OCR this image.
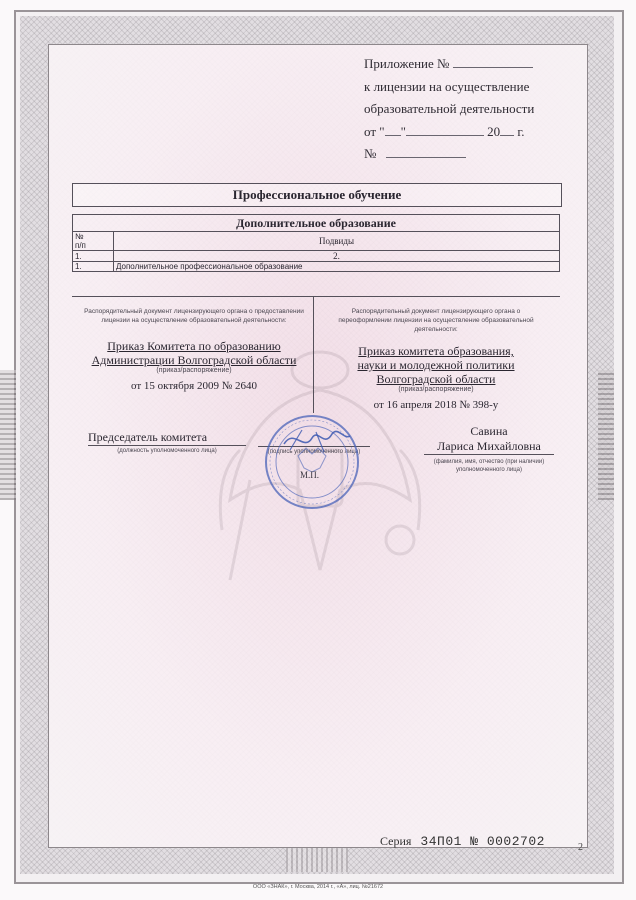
Приложение №
к лицензии на осуществление
образовательной деятельности
от " "	20 г.
№
Профессиональное обучение
Дополнительное образование	

№
п/п	Подвиды
1.	2.
1.	Дополнительное профессиональное образование
Распорядительный документ лицензирующего органа о предоставлении лицензии на осуществление образовательной деятельности:
Приказ Комитета по образованию
Администрации Волгоградской области
(приказ/распоряжение)
от 15 октября 2009 № 2640
Распорядительный документ лицензирующего органа о переоформлении лицензии на осуществление образовательной деятельности:
Приказ комитета образования,
науки и молодежной политики
Волгоградской области
(приказ/распоряжение)
от 16 апреля 2018 № 398-у
Председатель комитета
(должность уполномоченного лица)	(подпись уполномоченного лица)
М.П.
Савина
Лариса Михайловна
(фамилия, имя, отчество (при наличии) уполномоченного лица)
Серия 34П01 № 0002702	2
ООО «ЗНАК», г. Москва, 2014 г., «А», лиц. №21672
